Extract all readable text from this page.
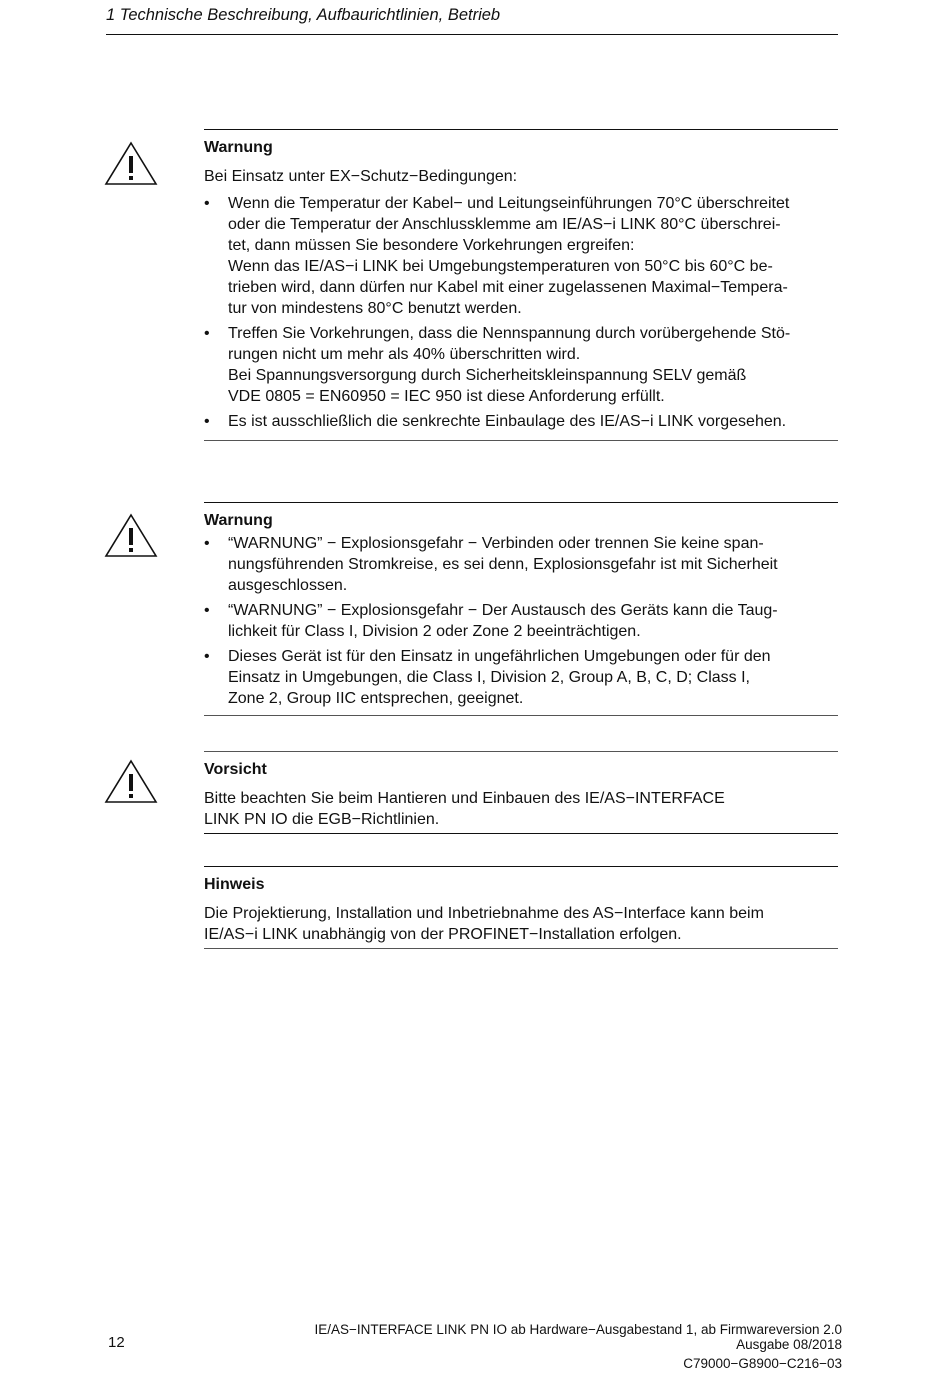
1 Technische Beschreibung, Aufbaurichtlinien, Betrieb
Warnung

Bei Einsatz unter EX−Schutz−Bedingungen:

• Wenn die Temperatur der Kabel− und Leitungseinführungen 70°C überschreitet
oder die Temperatur der Anschlussklemme am IE/AS−i LINK 80°C überschrei-
tet, dann müssen Sie besondere Vorkehrungen ergreifen:
Wenn das IE/AS−i LINK bei Umgebungstemperaturen von 50°C bis 60°C be-
trieben wird, dann dürfen nur Kabel mit einer zugelassenen Maximal−Tempera-
tur von mindestens 80°C benutzt werden.
• Treffen Sie Vorkehrungen, dass die Nennspannung durch vorübergehende Stö-
rungen nicht um mehr als 40% überschritten wird.
Bei Spannungsversorgung durch Sicherheitskleinspannung SELV gemäß
VDE 0805 = EN60950 = IEC 950 ist diese Anforderung erfüllt.
• Es ist ausschließlich die senkrechte Einbaulage des IE/AS−i LINK vorgesehen.
Warnung
• “WARNUNG” − Explosionsgefahr − Verbinden oder trennen Sie keine span-
nungsführenden Stromkreise, es sei denn, Explosionsgefahr ist mit Sicherheit
ausgeschlossen.
• “WARNUNG” − Explosionsgefahr − Der Austausch des Geräts kann die Taug-
lichkeit für Class I, Division 2 oder Zone 2 beeinträchtigen.
• Dieses Gerät ist für den Einsatz in ungefährlichen Umgebungen oder für den
Einsatz in Umgebungen, die Class I, Division 2, Group A, B, C, D; Class I,
Zone 2, Group IIC entsprechen, geeignet.
Vorsicht

Bitte beachten Sie beim Hantieren und Einbauen des IE/AS−INTERFACE
LINK PN IO die EGB−Richtlinien.

Hinweis

Die Projektierung, Installation und Inbetriebnahme des AS−Interface kann beim
IE/AS−i LINK unabhängig von der PROFINET−Installation erfolgen.

12
IE/AS−INTERFACE LINK PN IO ab Hardware−Ausgabestand 1, ab Firmwareversion 2.0
Ausgabe 08/2018
C79000−G8900−C216−03
